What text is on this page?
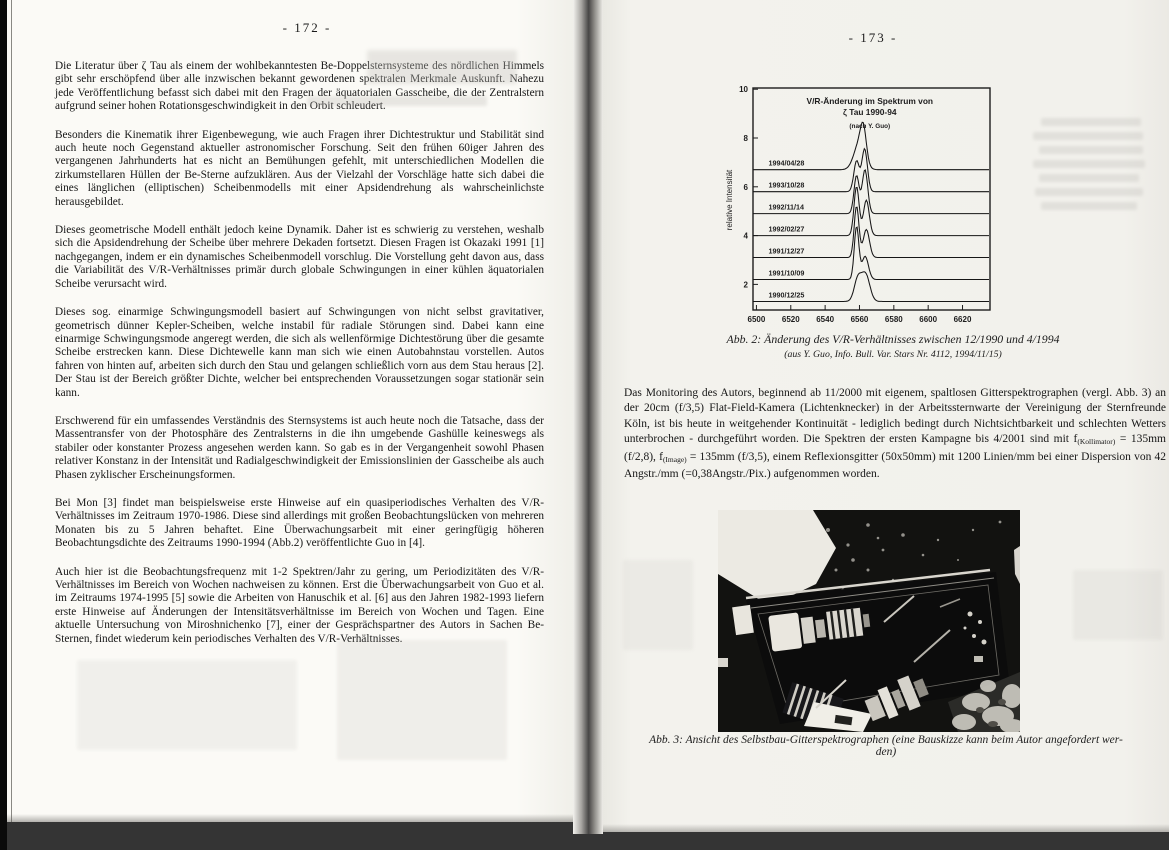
- 172 -

Die Literatur über ζ Tau als einem der wohlbekanntesten Be-Doppelsternsysteme des nördlichen Himmels gibt sehr erschöpfend über alle inzwischen bekannt gewordenen spektralen Merkmale Auskunft. Nahezu jede Veröffentlichung befasst sich dabei mit den Fragen der äquatorialen Gasscheibe, die der Zentralstern aufgrund seiner hohen Rotationsgeschwindigkeit in den Orbit schleudert.

Besonders die Kinematik ihrer Eigenbewegung, wie auch Fragen ihrer Dichtestruktur und Stabilität sind auch heute noch Gegenstand aktueller astronomischer Forschung. Seit den frühen 60iger Jahren des vergangenen Jahrhunderts hat es nicht an Bemühungen gefehlt, mit unterschiedlichen Modellen die zirkumstellaren Hüllen der Be-Sterne aufzuklären. Aus der Vielzahl der Vorschläge hatte sich dabei die eines länglichen (elliptischen) Scheibenmodells mit einer Apsidendrehung als wahrscheinlichste herausgebildet.

Dieses geometrische Modell enthält jedoch keine Dynamik. Daher ist es schwierig zu verstehen, weshalb sich die Apsidendrehung der Scheibe über mehrere Dekaden fortsetzt. Diesen Fragen ist Okazaki 1991 [1] nachgegangen, indem er ein dynamisches Scheibenmodell vorschlug. Die Vorstellung geht davon aus, dass die Variabilität des V/R-Verhältnisses primär durch globale Schwingungen in einer kühlen äquatorialen Scheibe verursacht wird.

Dieses sog. einarmige Schwingungsmodell basiert auf Schwingungen von nicht selbst gravitativer, geometrisch dünner Kepler-Scheiben, welche instabil für radiale Störungen sind. Dabei kann eine einarmige Schwingungsmode angeregt werden, die sich als wellenförmige Dichtestörung über die gesamte Scheibe erstrecken kann. Diese Dichtewelle kann man sich wie einen Autobahnstau vorstellen. Autos fahren von hinten auf, arbeiten sich durch den Stau und gelangen schließlich vorn aus dem Stau heraus [2]. Der Stau ist der Bereich größter Dichte, welcher bei entsprechenden Voraussetzungen sogar stationär sein kann.

Erschwerend für ein umfassendes Verständnis des Sternsystems ist auch heute noch die Tatsache, dass der Massentransfer von der Photosphäre des Zentralsterns in die ihn umgebende Gashülle keineswegs als stabiler oder konstanter Prozess angesehen werden kann. So gab es in der Vergangenheit sowohl Phasen relativer Konstanz in der Intensität und Radialgeschwindigkeit der Emissionslinien der Gasscheibe als auch Phasen zyklischer Erscheinungsformen.

Bei Mon [3] findet man beispielsweise erste Hinweise auf ein quasiperiodisches Verhalten des V/R-Verhältnisses im Zeitraum 1970-1986. Diese sind allerdings mit großen Beobachtungslücken von mehreren Monaten bis zu 5 Jahren behaftet. Eine Überwachungsarbeit mit einer geringfügig höheren Beobachtungsdichte des Zeitraums 1990-1994 (Abb.2) veröffentlichte Guo in [4].

Auch hier ist die Beobachtungsfrequenz mit 1-2 Spektren/Jahr zu gering, um Periodizitäten des V/R-Verhältnisses im Bereich von Wochen nachweisen zu können. Erst die Überwachungsarbeit von Guo et al. im Zeitraums 1974-1995 [5] sowie die Arbeiten von Hanuschik et al. [6] aus den Jahren 1982-1993 liefern erste Hinweise auf Änderungen der Intensitätsverhältnisse im Bereich von Wochen und Tagen. Eine aktuelle Untersuchung von Miroshnichenko [7], einer der Gesprächspartner des Autors in Sachen Be-Sternen, findet wiederum kein periodisches Verhalten des V/R-Verhältnisses.

- 173 -
2
4
6
8
10
6500 6520 6540 6560 6580 6600 6620
1994/04/28
1993/10/28
1992/11/14
1992/02/27
1991/12/27
1991/10/09
1990/12/25
V/R-Änderung im Spektrum von
ζ Tau 1990-94
(nach Y. Guo)
relative Intensität
Abb. 2: Änderung des V/R-Verhältnisses zwischen 12/1990 und 4/1994
(aus Y. Guo, Info. Bull. Var. Stars Nr. 4112, 1994/11/15)
Das Monitoring des Autors, beginnend ab 11/2000 mit eigenem, spaltlosen Gitterspektrographen (vergl. Abb. 3) an der 20cm (f/3,5) Flat-Field-Kamera (Lichtenknecker) in der Arbeitssternwarte der Vereinigung der Sternfreunde Köln, ist bis heute in weitgehender Kontinuität - lediglich bedingt durch Nichtsichtbarkeit und schlechten Wetters unterbrochen - durchgeführt worden. Die Spektren der ersten Kampagne bis 4/2001 sind mit $f_{(Kollimator)} = 135mm$ (f/2,8), $f_{(Image)} = 135mm$ (f/3,5), einem Reflexionsgitter (50x50mm) mit 1200 Linien/mm bei einer Dispersion von 42 Angstr./mm (=0,38Angstr./Pix.) aufgenommen worden.
Abb. 3: Ansicht des Selbstbau-Gitterspektrographen (eine Bauskizze kann beim Autor angefordert wer-
den)
